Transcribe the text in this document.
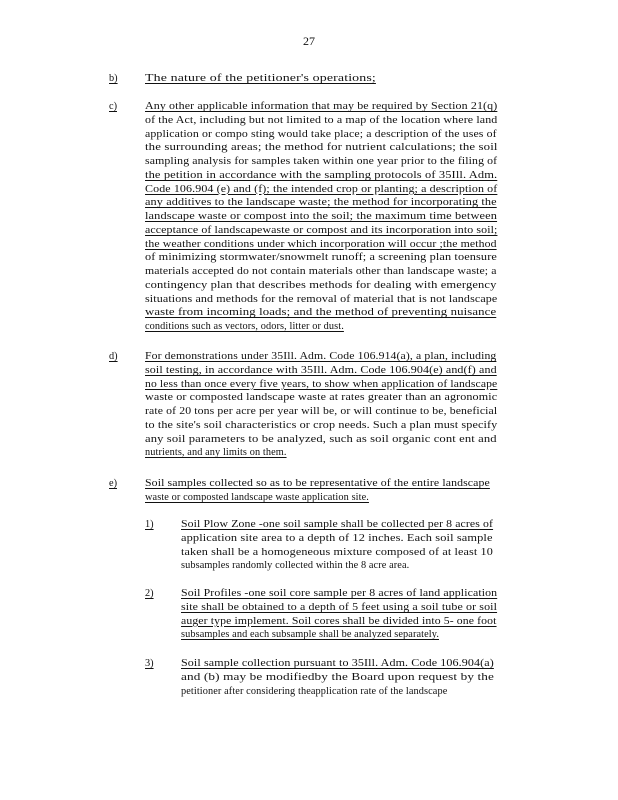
27
b)	The nature of the petitioner's operations;
c)	Any other applicable information that may be required by Section 21(q)
of the Act, including but not limited to a map of the location where land
application or compo sting would take place; a description of the uses of
the surrounding areas; the method for nutrient calculations; the soil
sampling analysis for samples taken within one year prior to the filing of
the petition in accordance with the sampling protocols of 35Ill. Adm.
Code 106.904 (e) and (f); the intended crop or planting; a description of
any additives to the landscape waste; the method for incorporating the
landscape waste or compost into the soil; the maximum time between
acceptance of landscapewaste or compost and its incorporation into soil;
the weather conditions under which incorporation will occur ;the method
of minimizing stormwater/snowmelt runoff; a screening plan toensure
materials accepted do not contain materials other than landscape waste; a
contingency plan that describes methods for dealing with emergency
situations and methods for the removal of material that is not landscape
waste from incoming loads; and the method of preventing nuisance
conditions such as vectors, odors, litter or dust.
d)	For demonstrations under 35Ill. Adm. Code 106.914(a), a plan, including
soil testing, in accordance with 35Ill. Adm. Code 106.904(e) and(f) and
no less than once every five years, to show when application of landscape
waste or composted landscape waste at rates greater than an agronomic
rate of 20 tons per acre per year will be, or will continue to be, beneficial
to the site's soil characteristics or crop needs. Such a plan must specify
any soil parameters to be analyzed, such as soil organic cont ent and
nutrients, and any limits on them.
e)	Soil samples collected so as to be representative of the entire landscape
waste or composted landscape waste application site.
1)	Soil Plow Zone -one soil sample shall be collected per 8 acres of
application site area to a depth of 12 inches. Each soil sample
taken shall be a homogeneous mixture composed of at least 10
subsamples randomly collected within the 8 acre area.
2)	Soil Profiles -one soil core sample per 8 acres of land application
site shall be obtained to a depth of 5 feet using a soil tube or soil
auger type implement. Soil cores shall be divided into 5- one foot
subsamples and each subsample shall be analyzed separately.
3)	Soil sample collection pursuant to 35Ill. Adm. Code 106.904(a)
and (b) may be modifiedby the Board upon request by the
petitioner after considering theapplication rate of the landscape
